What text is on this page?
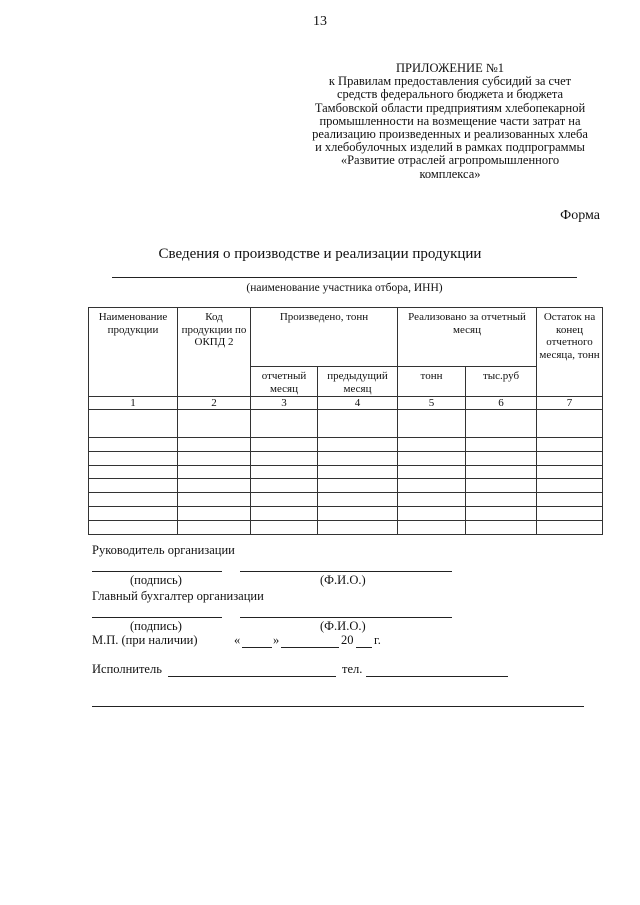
13
ПРИЛОЖЕНИЕ №1
к Правилам предоставления субсидий за счет
средств федерального бюджета и бюджета
Тамбовской области предприятиям хлебопекарной
промышленности на возмещение части затрат на
реализацию произведенных и реализованных хлеба
и хлебобулочных изделий в рамках подпрограммы
«Развитие отраслей агропромышленного
комплекса»
Форма
Сведения о производстве и реализации продукции
(наименование участника отбора, ИНН)
Наименование продукции	Код продукции по ОКПД 2	Произведено, тонн		Реализовано за отчетный месяц		Остаток на конец отчетного месяца, тонн
		отчетный месяц	предыдущий месяц	тонн	тыс.руб	
1	2	3	4	5	6	7

Руководитель организации
(подпись)	(Ф.И.О.)
Главный бухгалтер организации
(подпись)	(Ф.И.О.)
М.П. (при наличии)	«	»	20 г.
Исполнитель	тел.
